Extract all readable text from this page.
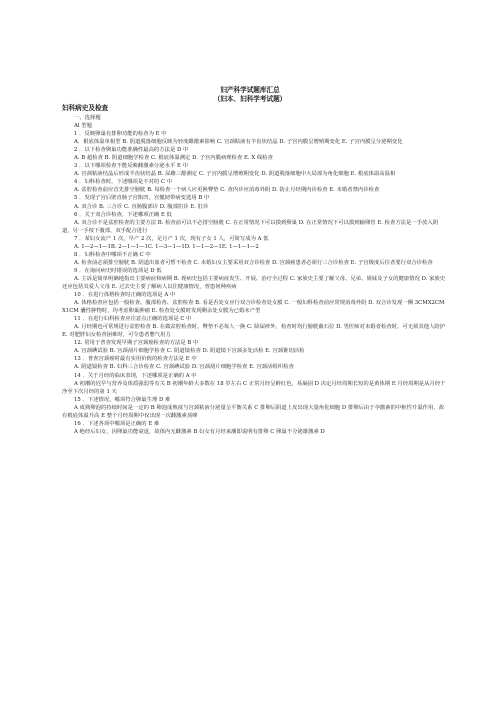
妇产科学试题库汇总
（妇本、妇科学考试题）
妇科病史及检查

一、选择题

Al 型题

1 ．反映卵巢有排卵功能的检查为 E 中

A．根底体温单相型 B. 阴道脱落细胞反映为轻度雌激素影响 C. 宫颈粘液有羊齿状结晶 D. 子宫内膜呈增殖期变化 E. 子宫内膜呈分泌期变化

2 ．以下检查卵巢功能准确性最高的方法是 D 中

A. B 超检查 B. 阴道细胞学检查 C. 根底体温测定 D. 子宫内膜病理检查 E. X 线检查

3 ．以下哪项检查不能反映雌激素分泌水平 E 中

A. 宫颈粘液结晶后形成羊齿状结晶 B. 尿雌三醇测定 C. 子宫内膜呈增殖期变化 D. 阴道脱落细胞中大局部为角化细胞 E. 根底体温高温相

4 ．妇科检查时，下述哪项是不对的 C 中

A. 盆腔检查前应首先排空膀胱 B. 每检查一个病人应更换臀垫 C. 查内诊应消毒外阴 D. 防止月经期内诊检查 E. 未婚者禁内诊检查

5 ．发现子宫后壁直肠子宫陷凹，宫骶韧带病变选用 B 中

A. 双合诊 B. 三合诊 C. 直肠腹部诊 D. 腹部扪诊 E. 肛诊

6 ．关于双合诊检查，下述哪项正确 E 低

A. 双合诊不是盆腔检查的主要方法 B. 检查前可以不必排空膀胱 C. 在正常情况下可以摸到卵巢 D. 在正常情况下可以摸到输卵管 E. 检查方法是一手放入阴道，另一手按下腹部，双手配合进行

7 ．某妇女流产 1 次，早产 2 次，足月产 1 次，现有子女 1 人，可简写成为 A 低

A. 1—2—1—1B. 2—1—1—1C. 1—3—1—1D. 1—1—2—1E. 1—1—1—2

8 ．妇科检查中哪项不正确 C 中

A. 检查前必须排空膀胱 B. 阴道出血者可暂不检查 C. 未婚妇女主要采用双合诊检查 D. 宫颈癌患者必须行三合诊检查 E. 子宫极度后位者要行双合诊检查

9 ．在询问病史时错误的选项是 D 低

A. 主诉是简单明确地指出主要病症和病期 B. 现病史包括主要病症发生、开展、治疗全过程 C. 家族史主要了解父母、兄弟、姐妹及子女的健康情况 D. 家族史还应包括其爱人父母 E. 过去史主要了解病人以往健康情况，曾患何种疾病

10 ．在进行体格检查时正确的选项是 A 中

A. 体格检查应包括一般检查、腹部检查、盆腔检查 B. 看是否处女应行双合诊检查处女膜 C. 一般妇科检查前应常规消毒外阴 D. 双合诊发现一侧 3CMX2CMX1CM 囊性肿物时，均考虑卵巢肿瘤 E. 检查处女膜时发现剩余处女膜为已婚未产型

11 ．在进行妇科检查应注意点正确的选项是 C 中

A. 月经期也可常规进行盆腔检查 B. 在做盆腔检查时，臀垫不必每人一换 C. 除屎疹外，检查时均行膀胱截石位 D. 男医师对未婚者检查时，可无须其他人陪护 E. 对肥胖妇女检查困难时，可令患者憋气用力

12. 常用于普查发现早期子宫颈癌检查的方法是 B 中

A. 宫颈碘试验 B. 宫颈刮片细胞学检查 C. 阴道镜检查 D. 阴道镜下宫颈多处活检 E. 宫颈锥切活检

13 ．普查宫颈癌时最有实用价值的检查方法是 E 中

A. 阴道镜检查 B. 妇科三合诊检查 C. 宫颈碘试验 D. 宫颈刮片细胞学检查 E. 宫颈活组织检查

14 ．关于月经的临床表现，下述哪项是正确的 A 中

A 初潮的迟早与营养及体质强弱等有关 B 初潮年龄大多数在 18 岁左右 C 正常月经呈鲜红色，易凝固 D 决定月经周期长短的是黄体期 E 月经周期是从月经干净至下次月经的第 1 天

15 ．下述情况，哪项符合卵巢生理 D 难

A 成熟卵泡的持续时间是一定的 B 卵泡成熟度与宫颈粘液分泌量呈平衡关系 C 排卵后阴道上皮出现大量角化细胞 D 排卵后由于孕激素的中枢性升温作用，故有根底体温升高 E 整个月经周期中仅出现一次雌激素顶峰

16 ．下述各项中哪项是正确的 E 难

A 绝经后妇女，因卵巢功能衰退，故体内无雌激素 B 妇女有月经来潮即说明有排卵 C 卵巢不分泌雄激素 D
